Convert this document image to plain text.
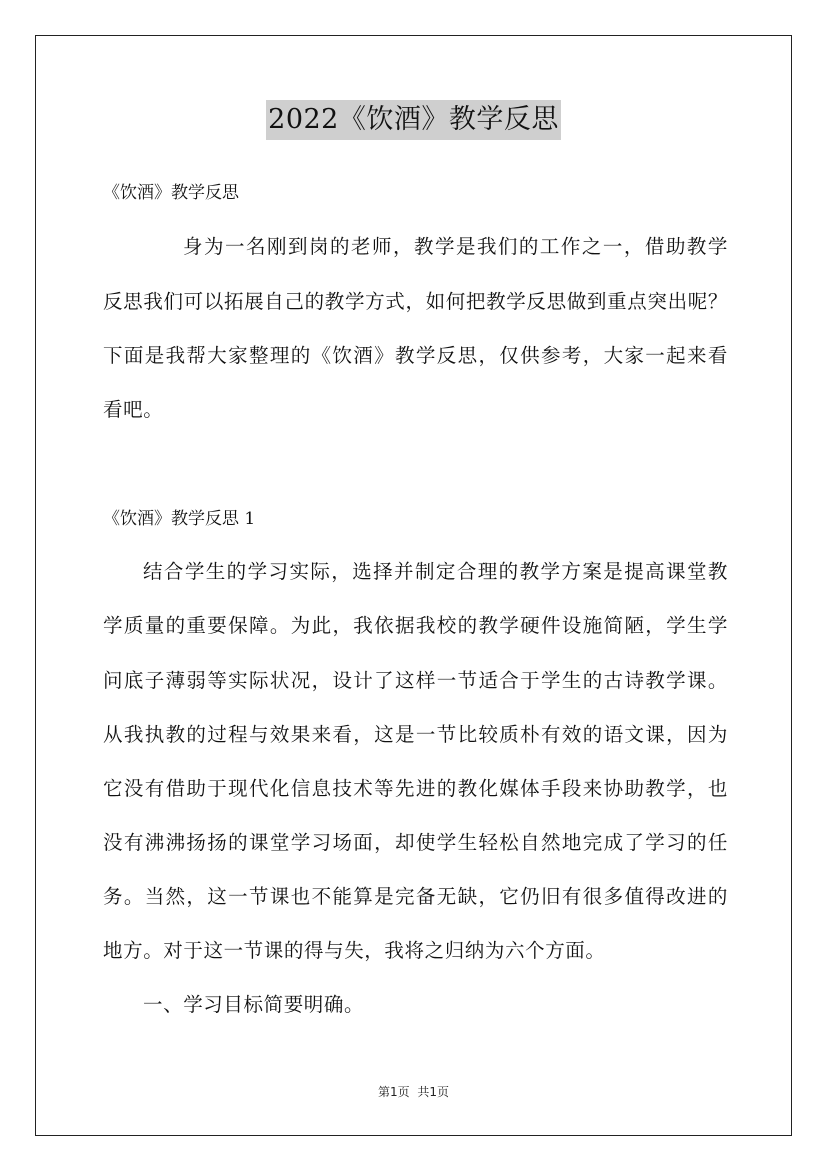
2022《饮酒》教学反思
《饮酒》教学反思
身为一名刚到岗的老师，教学是我们的工作之一，借助教学
反思我们可以拓展自己的教学方式，如何把教学反思做到重点突出呢？
下面是我帮大家整理的《饮酒》教学反思，仅供参考，大家一起来看
看吧。
《饮酒》教学反思 1
结合学生的学习实际，选择并制定合理的教学方案是提高课堂教
学质量的重要保障。为此，我依据我校的教学硬件设施简陋，学生学
问底子薄弱等实际状况，设计了这样一节适合于学生的古诗教学课。
从我执教的过程与效果来看，这是一节比较质朴有效的语文课，因为
它没有借助于现代化信息技术等先进的教化媒体手段来协助教学，也
没有沸沸扬扬的课堂学习场面，却使学生轻松自然地完成了学习的任
务。当然，这一节课也不能算是完备无缺，它仍旧有很多值得改进的
地方。对于这一节课的得与失，我将之归纳为六个方面。
一、学习目标简要明确。
第1页 共1页
